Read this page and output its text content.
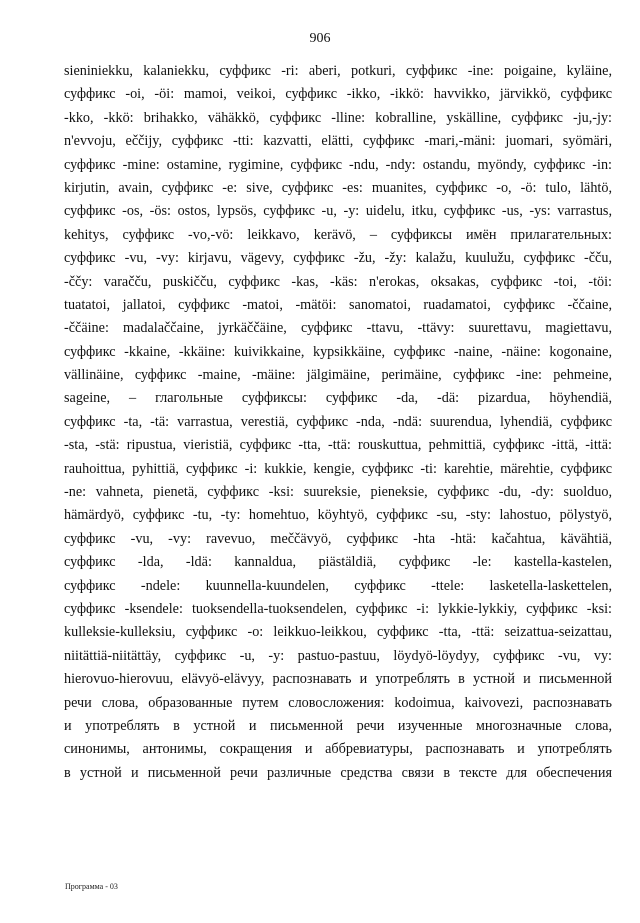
906
sieniniekku, kalaniekku, суффикс -ri: aberi, potkuri, суффикс -ine: poigaine, kyläine,
суффикс -oi, -öi: mamoi, veikoi, суффикс -ikko, -ikkö: havvikko, järvikkö, суффикс
-kko, -kkö: brihakko, vähäkkö, суффикс -lline: kobralline, yskälline, суффикс -ju,-jy:
n'evvoju, eččijy, суффикс -tti: kazvatti, elätti, суффикс -mari,-mäni: juomari, syömäri,
суффикс -mine: ostamine, rygimine, суффикс -ndu, -ndy: ostandu, myöndy, суффикс -in:
kirjutin, avain, суффикс -e: sive, суффикс -es: muanites, суффикс -o, -ö: tulo, lähtö,
суффикс -os, -ös: ostos, lypsös, суффикс -u, -y: uidelu, itku, суффикс -us, -ys: varrastus,
kehitys, суффикс -vo,-vö: leikkavo, kerävö, – суффиксы имён прилагательных:
суффикс -vu, -vy: kirjavu, vägevy, суффикс -žu, -žy: kalažu, kuulužu, суффикс -čču,
-ččy: varačču, puskičču, суффикс -kas, -käs: n'erokas, oksakas, суффикс -toi, -töi:
tuatatoi, jallatoi, суффикс -matoi, -mätöi: sanomatoi, ruadamatoi, суффикс -ččaine,
-ččäine: madalaččaine, jyrkäččäine, суффикс -ttavu, -ttävy: suurettavu, magiettavu,
суффикс -kkaine, -kkäine: kuivikkaine, kypsikkäine, суффикс -naine, -näine: kogonaine,
vällinäine, суффикс -maine, -mäine: jälgimäine, perimäine, суффикс -ine: pehmeine,
sageine, – глагольные суффиксы: суффикс -da, -dä: pizardua, höyhendiä,
суффикс -ta, -tä: varrastua, verestiä, суффикс -nda, -ndä: suurendua, lyhendiä, суффикс
-sta, -stä: ripustua, vieristiä, суффикс -tta, -ttä: rouskuttua, pehmittiä, суффикс -ittä, -ittä:
rauhoittua, pyhittiä, суффикс -i: kukkie, kengie, суффикс -ti: karehtie, märehtie, суффикс
-ne: vahneta, pienetä, суффикс -ksi: suureksie, pieneksie, суффикс -du, -dy: suolduo,
hämärdyö, суффикс -tu, -ty: homehtuo, köyhtyö, суффикс -su, -sty: lahostuo, pölystyö,
суффикс -vu, -vy: ravevuo, meččävyö, суффикс -hta -htä: kačahtua, kävähtiä,
суффикс -lda, -ldä: kannaldua, piästäldiä, суффикс -le: kastella-kastelen,
суффикс -ndele: kuunnella-kuundelen, суффикс -ttele: lasketella-laskettelen,
суффикс -ksendele: tuoksendella-tuoksendelen, суффикс -i: lykkie-lykkiy, суффикс -ksi:
kulleksie-kulleksiu, суффикс -o: leikkuo-leikkou, суффикс -tta, -ttä: seizattua-seizattau,
niitättiä-niitättäy, суффикс -u, -y: pastuo-pastuu, löydyö-löydyy, суффикс -vu, vy:
hierovuo-hierovuu, elävyö-elävyy, распознавать и употреблять в устной и письменной
речи слова, образованные путем словосложения: kodoimua, kaivovezi, распознавать
и употреблять в устной и письменной речи изученные многозначные слова,
синонимы, антонимы, сокращения и аббревиатуры, распознавать и употреблять
в устной и письменной речи различные средства связи в тексте для обеспечения
Программа - 03
